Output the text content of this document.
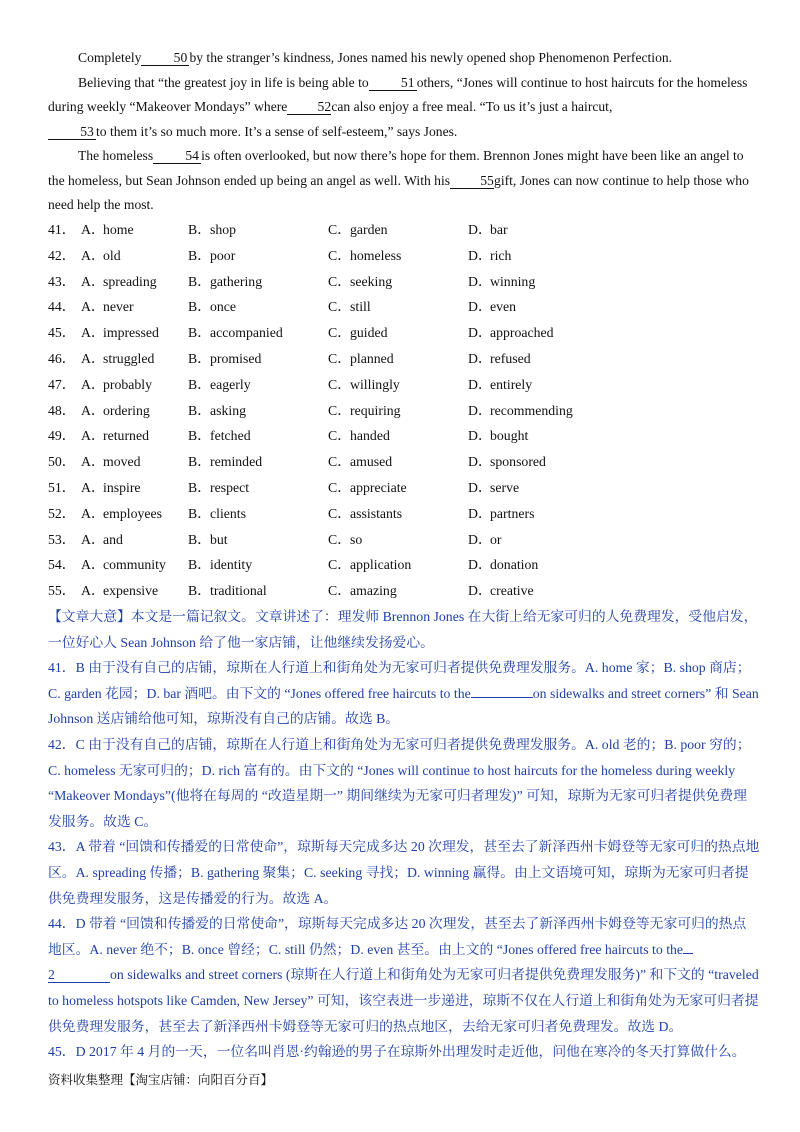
Completely 50 by the stranger’s kindness, Jones named his newly opened shop Phenomenon Perfection.

Believing that “the greatest joy in life is being able to 51 others, “Jones will continue to host haircuts for the homeless during weekly “Makeover Mondays” where 52can also enjoy a free meal. “To us it’s just a haircut,
53 to them it’s so much more. It’s a sense of self-esteem,” says Jones.

The homeless 54 is often overlooked, but now there’s hope for them. Brennon Jones might have been like an angel to the homeless, but Sean Johnson ended up being an angel as well. With his 55gift, Jones can now continue to help those who need help the most.

41． A．home	B．shop	C．garden	D．bar
42． A．old	B．poor	C．homeless	D．rich
43． A．spreading B．gathering	C．seeking	D．winning
44． A．never	B．once	C．still	D．even
45． A．impressed B．accompanied	C．guided	D．approached
46． A．struggled B．promised	C．planned	D．refused
47． A．probably	B．eagerly	C．willingly	D．entirely
48． A．ordering	B．asking	C．requiring	D．recommending
49． A．returned	B．fetched	C．handed	D．bought
50． A．moved	B．reminded	C．amused	D．sponsored
51． A．inspire	B．respect	C．appreciate	D．serve
52． A．employees B．clients	C．assistants	D．partners
53． A．and	B．but	C．so	D．or
54． A．community B．identity	C．application	D．donation
55． A．expensive B．traditional	C．amazing	D．creative

【文章大意】本文是一篇记叙文。文章讲述了：理发师 Brennon Jones 在大街上给无家可归的人免费理发，受他启发，一位好心人 Sean Johnson 给了他一家店铺，让他继续发扬爱心。

41．B 由于没有自己的店铺，琼斯在人行道上和街角处为无家可归者提供免费理发服务。A. home 家；B. shop 商店；C. garden 花园；D. bar 酒吧。由下文的 “Jones offered free haircuts to the	on sidewalks and street corners” 和 Sean Johnson 送店铺给他可知，琼斯没有自己的店铺。故选 B。

42．C 由于没有自己的店铺，琼斯在人行道上和街角处为无家可归者提供免费理发服务。A. old 老的；B. poor 穷的；C. homeless 无家可归的；D. rich 富有的。由下文的 “Jones will continue to host haircuts for the homeless during weekly “Makeover Mondays”(他将在每周的 “改造星期一” 期间继续为无家可归者理发)” 可知，琼斯为无家可归者提供免费理发服务。故选 C。

43．A 带着 “回馈和传播爱的日常使命”，琼斯每天完成多达 20 次理发，甚至去了新泽西州卡姆登等无家可归的热点地区。A. spreading 传播；B. gathering 聚集；C. seeking 寻找；D. winning 赢得。由上文语境可知，琼斯为无家可归者提供免费理发服务，这是传播爱的行为。故选 A。

44．D 带着 “回馈和传播爱的日常使命”，琼斯每天完成多达 20 次理发，甚至去了新泽西州卡姆登等无家可归的热点地区。A. never 绝不；B. once 曾经；C. still 仍然；D. even 甚至。由上文的 “Jones offered free haircuts to the
2	on sidewalks and street corners (琼斯在人行道上和街角处为无家可归者提供免费理发服务)” 和下文的 “traveled to homeless hotspots like Camden, New Jersey” 可知，该空表进一步递进，琼斯不仅在人行道上和街角处为无家可归者提供免费理发服务，甚至去了新泽西州卡姆登等无家可归的热点地区，去给无家可归者免费理发。故选 D。

45．D 2017 年 4 月的一天，一位名叫肖恩·约翰逊的男子在琼斯外出理发时走近他，问他在寒冷的冬天打算做什么。

资料收集整理【淘宝店铺：向阳百分百】
